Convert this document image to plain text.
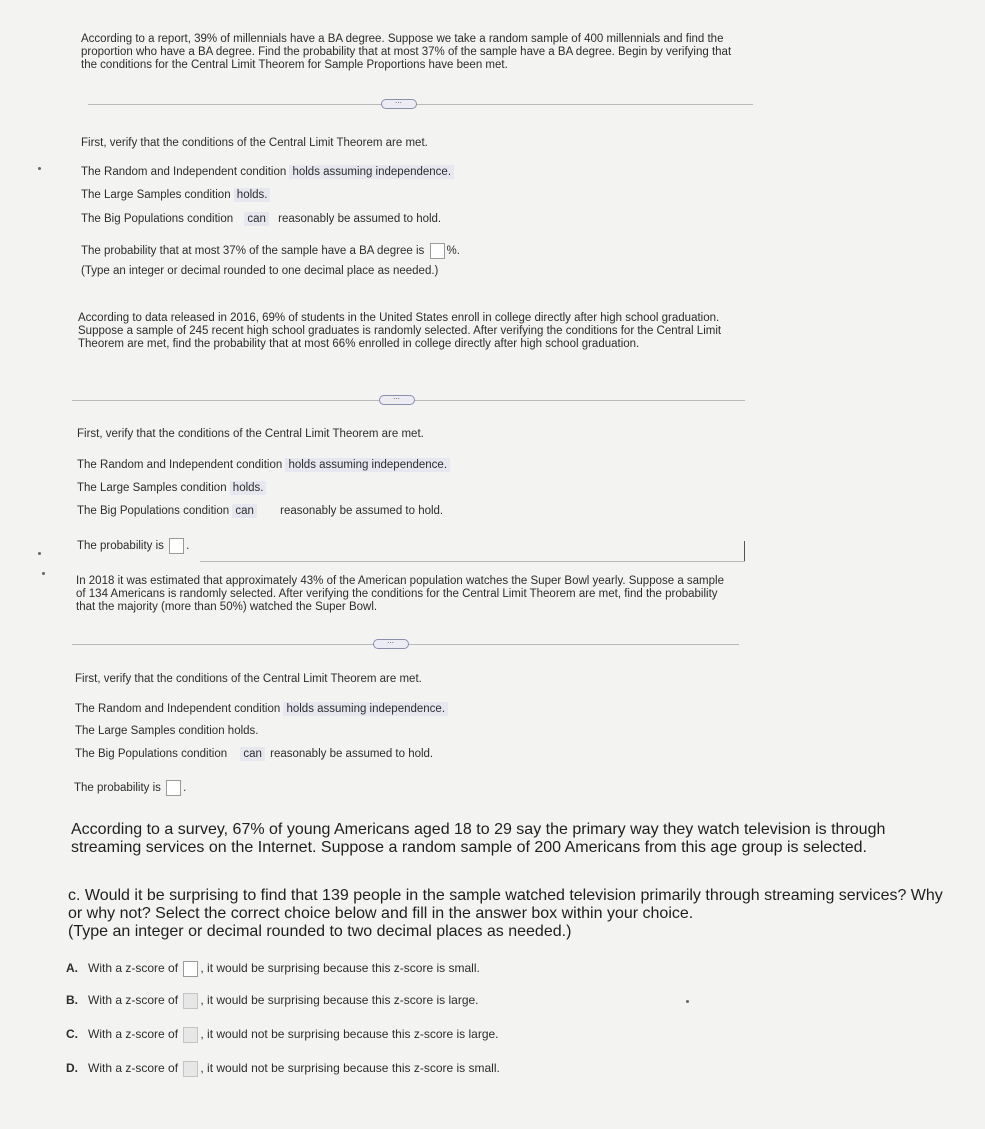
According to a report, 39% of millennials have a BA degree. Suppose we take a random sample of 400 millennials and find the proportion who have a BA degree. Find the probability that at most 37% of the sample have a BA degree. Begin by verifying that the conditions for the Central Limit Theorem for Sample Proportions have been met.
⋯
First, verify that the conditions of the Central Limit Theorem are met.
The Random and Independent condition holds assuming independence.
The Large Samples condition holds.
The Big Populations condition can reasonably be assumed to hold.
The probability that at most 37% of the sample have a BA degree is %.
(Type an integer or decimal rounded to one decimal place as needed.)
According to data released in 2016, 69% of students in the United States enroll in college directly after high school graduation. Suppose a sample of 245 recent high school graduates is randomly selected. After verifying the conditions for the Central Limit Theorem are met, find the probability that at most 66% enrolled in college directly after high school graduation.
⋯
First, verify that the conditions of the Central Limit Theorem are met.
The Random and Independent condition holds assuming independence.
The Large Samples condition holds.
The Big Populations condition can reasonably be assumed to hold.
The probability is .
In 2018 it was estimated that approximately 43% of the American population watches the Super Bowl yearly. Suppose a sample of 134 Americans is randomly selected. After verifying the conditions for the Central Limit Theorem are met, find the probability that the majority (more than 50%) watched the Super Bowl.
⋯
First, verify that the conditions of the Central Limit Theorem are met.
The Random and Independent condition holds assuming independence.
The Large Samples condition holds.
The Big Populations condition can reasonably be assumed to hold.
The probability is .
According to a survey, 67% of young Americans aged 18 to 29 say the primary way they watch television is through streaming services on the Internet. Suppose a random sample of 200 Americans from this age group is selected.
c. Would it be surprising to find that 139 people in the sample watched television primarily through streaming services? Why or why not? Select the correct choice below and fill in the answer box within your choice.
(Type an integer or decimal rounded to two decimal places as needed.)
A. With a z-score of , it would be surprising because this z-score is small.
B. With a z-score of , it would be surprising because this z-score is large.
C. With a z-score of , it would not be surprising because this z-score is large.
D. With a z-score of , it would not be surprising because this z-score is small.
